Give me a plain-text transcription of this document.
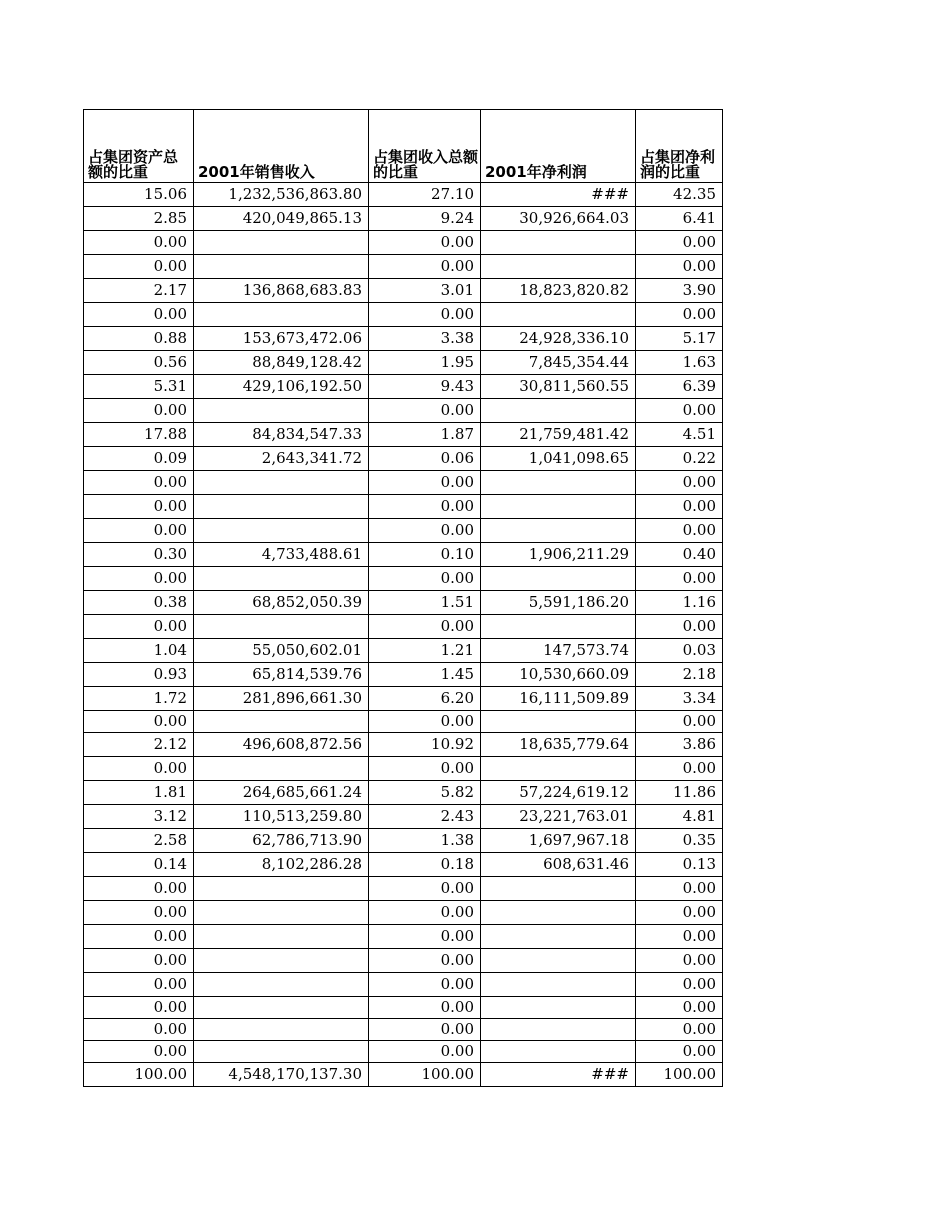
占集团资产总额的比重	2001年销售收入	占集团收入总额的比重	2001年净利润	占集团净利润的比重
15.06	1,232,536,863.80	27.10	###	42.35
2.85	420,049,865.13	9.24	30,926,664.03	6.41
0.00		0.00		0.00
0.00		0.00		0.00
2.17	136,868,683.83	3.01	18,823,820.82	3.90
0.00		0.00		0.00
0.88	153,673,472.06	3.38	24,928,336.10	5.17
0.56	88,849,128.42	1.95	7,845,354.44	1.63
5.31	429,106,192.50	9.43	30,811,560.55	6.39
0.00		0.00		0.00
17.88	84,834,547.33	1.87	21,759,481.42	4.51
0.09	2,643,341.72	0.06	1,041,098.65	0.22
0.00		0.00		0.00
0.00		0.00		0.00
0.00		0.00		0.00
0.30	4,733,488.61	0.10	1,906,211.29	0.40
0.00		0.00		0.00
0.38	68,852,050.39	1.51	5,591,186.20	1.16
0.00		0.00		0.00
1.04	55,050,602.01	1.21	147,573.74	0.03
0.93	65,814,539.76	1.45	10,530,660.09	2.18
1.72	281,896,661.30	6.20	16,111,509.89	3.34
0.00		0.00		0.00
2.12	496,608,872.56	10.92	18,635,779.64	3.86
0.00		0.00		0.00
1.81	264,685,661.24	5.82	57,224,619.12	11.86
3.12	110,513,259.80	2.43	23,221,763.01	4.81
2.58	62,786,713.90	1.38	1,697,967.18	0.35
0.14	8,102,286.28	0.18	608,631.46	0.13
0.00		0.00		0.00
0.00		0.00		0.00
0.00		0.00		0.00
0.00		0.00		0.00
0.00		0.00		0.00
0.00		0.00		0.00
0.00		0.00		0.00
0.00		0.00		0.00
100.00	4,548,170,137.30	100.00	###	100.00
